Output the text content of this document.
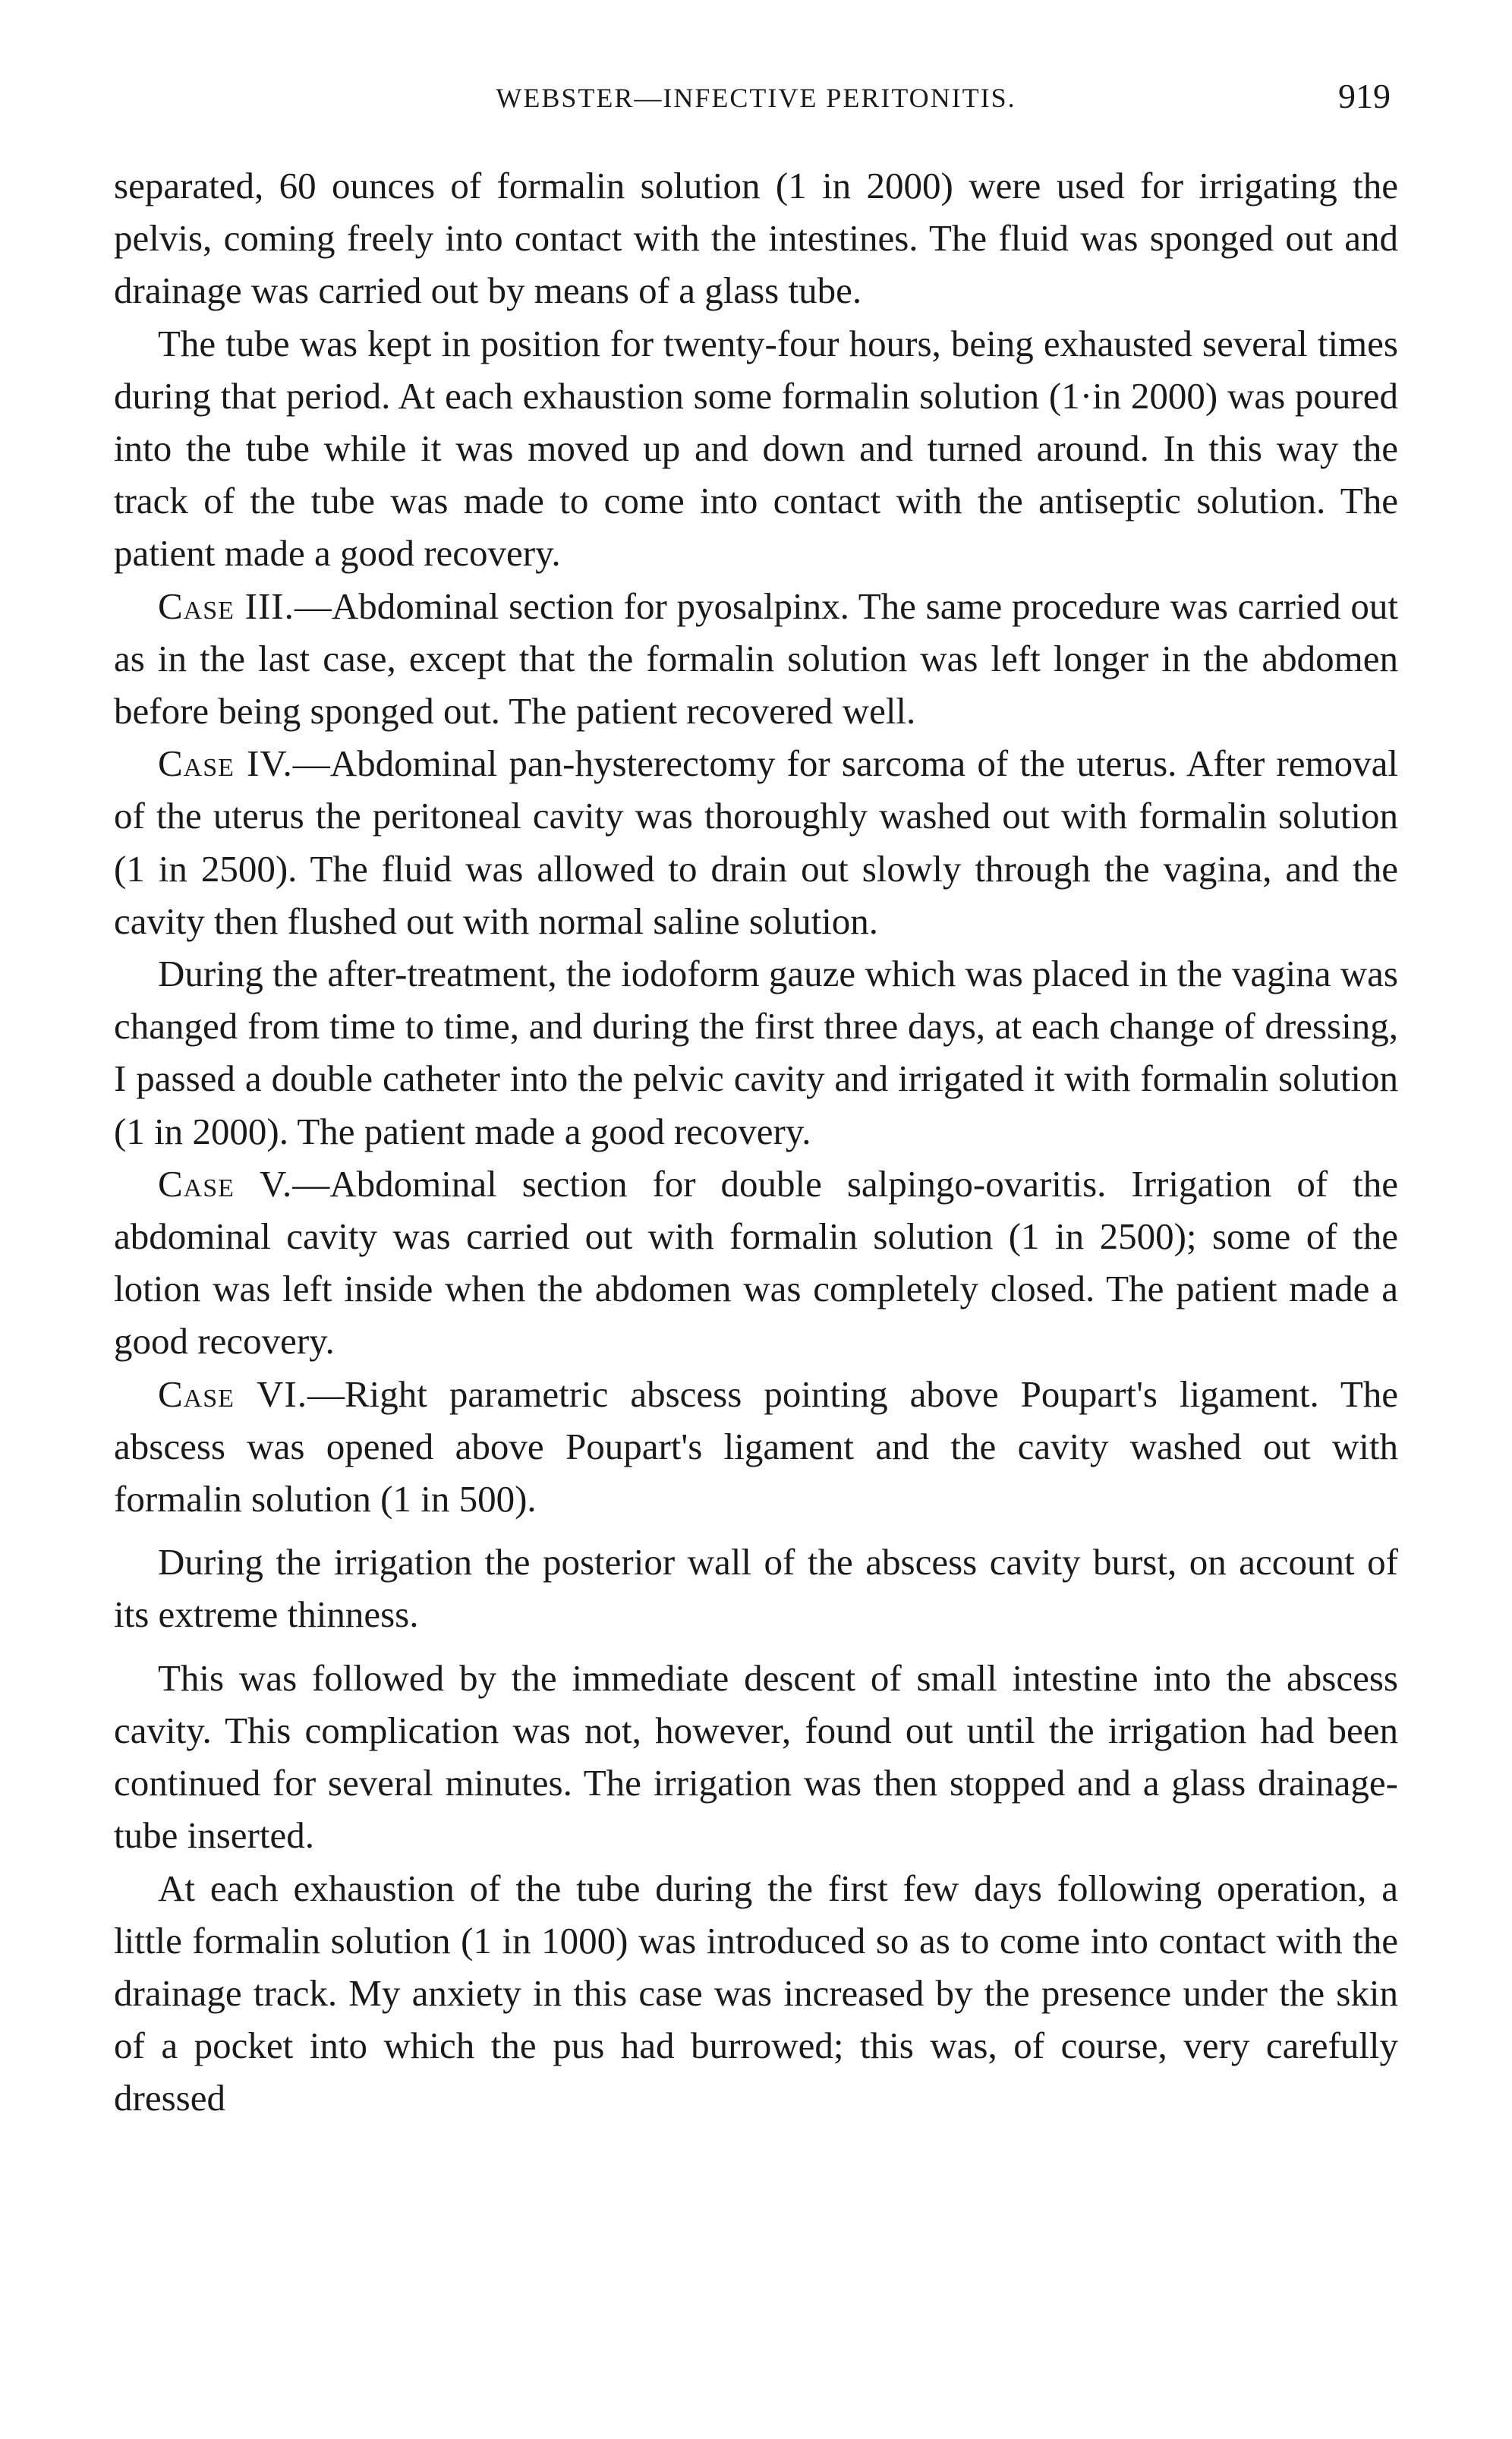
WEBSTER—INFECTIVE PERITONITIS.	919

separated, 60 ounces of formalin solution (1 in 2000) were used for irrigating the pelvis, coming freely into contact with the intestines. The fluid was sponged out and drainage was carried out by means of a glass tube.

The tube was kept in position for twenty-four hours, being exhausted several times during that period. At each exhaustion some formalin solution (1·in 2000) was poured into the tube while it was moved up and down and turned around. In this way the track of the tube was made to come into contact with the antiseptic solution. The patient made a good recovery.

Case III.—Abdominal section for pyosalpinx. The same procedure was carried out as in the last case, except that the formalin solution was left longer in the abdomen before being sponged out. The patient recovered well.

Case IV.—Abdominal pan-hysterectomy for sarcoma of the uterus. After removal of the uterus the peritoneal cavity was thoroughly washed out with formalin solution (1 in 2500). The fluid was allowed to drain out slowly through the vagina, and the cavity then flushed out with normal saline solution.

During the after-treatment, the iodoform gauze which was placed in the vagina was changed from time to time, and during the first three days, at each change of dressing, I passed a double catheter into the pelvic cavity and irrigated it with formalin solution (1 in 2000). The patient made a good recovery.

Case V.—Abdominal section for double salpingo-ovaritis. Irrigation of the abdominal cavity was carried out with formalin solution (1 in 2500); some of the lotion was left inside when the abdomen was completely closed. The patient made a good recovery.

Case VI.—Right parametric abscess pointing above Poupart's ligament. The abscess was opened above Poupart's ligament and the cavity washed out with formalin solution (1 in 500).

During the irrigation the posterior wall of the abscess cavity burst, on account of its extreme thinness.

This was followed by the immediate descent of small intestine into the abscess cavity. This complication was not, however, found out until the irrigation had been continued for several minutes. The irrigation was then stopped and a glass drainage-tube inserted.

At each exhaustion of the tube during the first few days following operation, a little formalin solution (1 in 1000) was introduced so as to come into contact with the drainage track. My anxiety in this case was increased by the presence under the skin of a pocket into which the pus had burrowed; this was, of course, very carefully dressed
